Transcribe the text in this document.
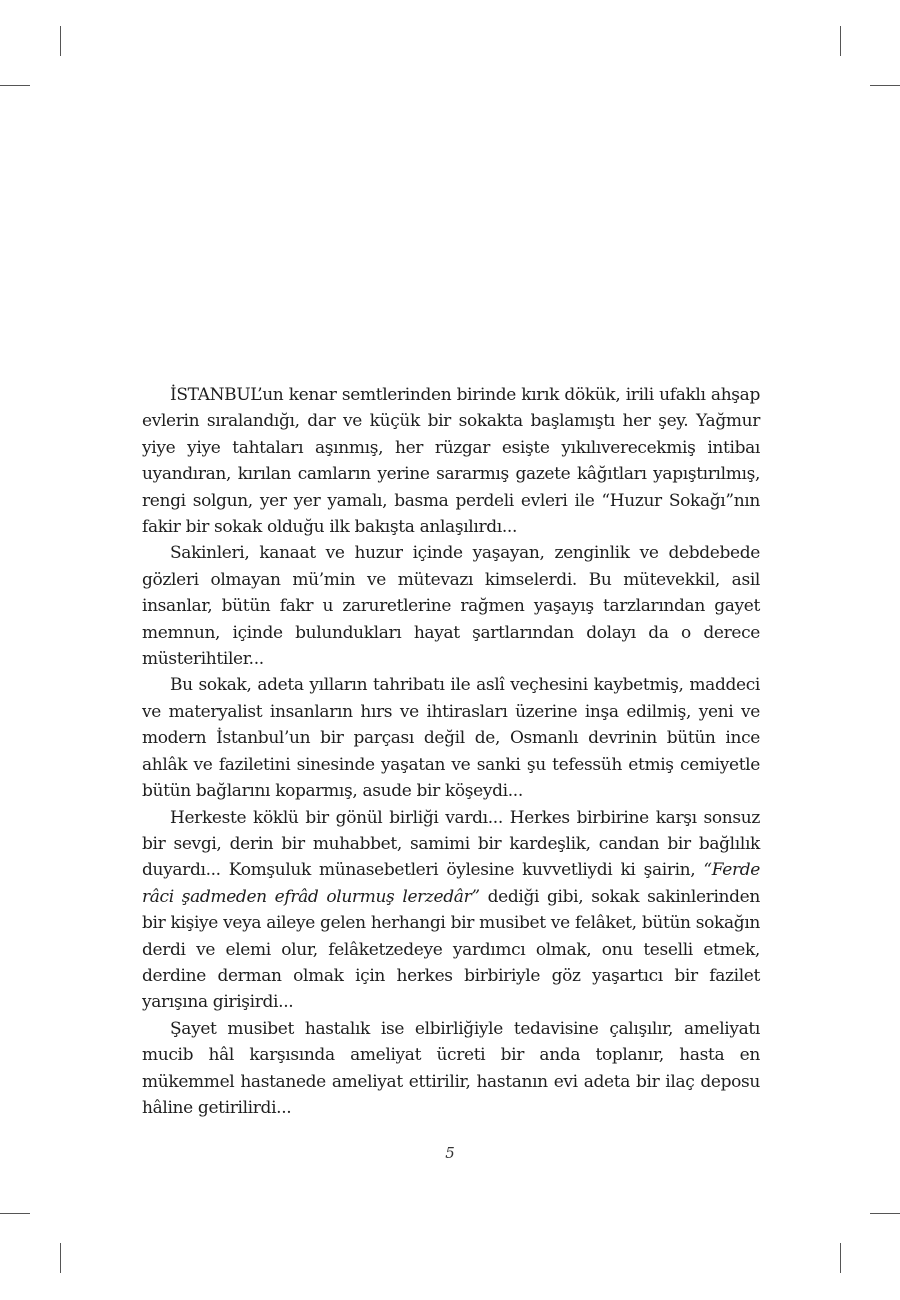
İSTANBUL’un kenar semtlerinden birinde kırık dökük, irili ufaklı ahşap evlerin sıralandığı, dar ve küçük bir sokakta başlamıştı her şey. Yağmur yiye yiye tahtaları aşınmış, her rüzgar esişte yıkılıverecekmiş intibaı uyandıran, kırılan camların yerine sararmış gazete kâğıtları yapıştırılmış, rengi solgun, yer yer yamalı, basma perdeli evleri ile “Huzur Sokağı”nın fakir bir sokak olduğu ilk bakışta anlaşılırdı...

Sakinleri, kanaat ve huzur içinde yaşayan, zenginlik ve debdebede gözleri olmayan mü’min ve mütevazı kimselerdi. Bu mütevekkil, asil insanlar, bütün fakr u zaruretlerine rağmen yaşayış tarzlarından gayet memnun, içinde bulundukları hayat şartlarından dolayı da o derece müsterihtiler...

Bu sokak, adeta yılların tahribatı ile aslî veçhesini kaybetmiş, maddeci ve materyalist insanların hırs ve ihtirasları üzerine inşa edilmiş, yeni ve modern İstanbul’un bir parçası değil de, Osmanlı devrinin bütün ince ahlâk ve faziletini sinesinde yaşatan ve sanki şu tefessüh etmiş cemiyetle bütün bağlarını koparmış, asude bir köşeydi...

Herkeste köklü bir gönül birliği vardı... Herkes birbirine karşı sonsuz bir sevgi, derin bir muhabbet, samimi bir kardeşlik, candan bir bağlılık duyardı... Komşuluk münasebetleri öylesine kuvvetliydi ki şairin, “Ferde râci şadmeden efrâd olurmuş lerzedâr” dediği gibi, sokak sakinlerinden bir kişiye veya aileye gelen herhangi bir musibet ve felâket, bütün sokağın derdi ve elemi olur, felâketzedeye yardımcı olmak, onu teselli etmek, derdine derman olmak için herkes birbiriyle göz yaşartıcı bir fazilet yarışına girişirdi...

Şayet musibet hastalık ise elbirliğiyle tedavisine çalışılır, ameliyatı mucib hâl karşısında ameliyat ücreti bir anda toplanır, hasta en mükemmel hastanede ameliyat ettirilir, hastanın evi adeta bir ilaç deposu hâline getirilirdi...

5
